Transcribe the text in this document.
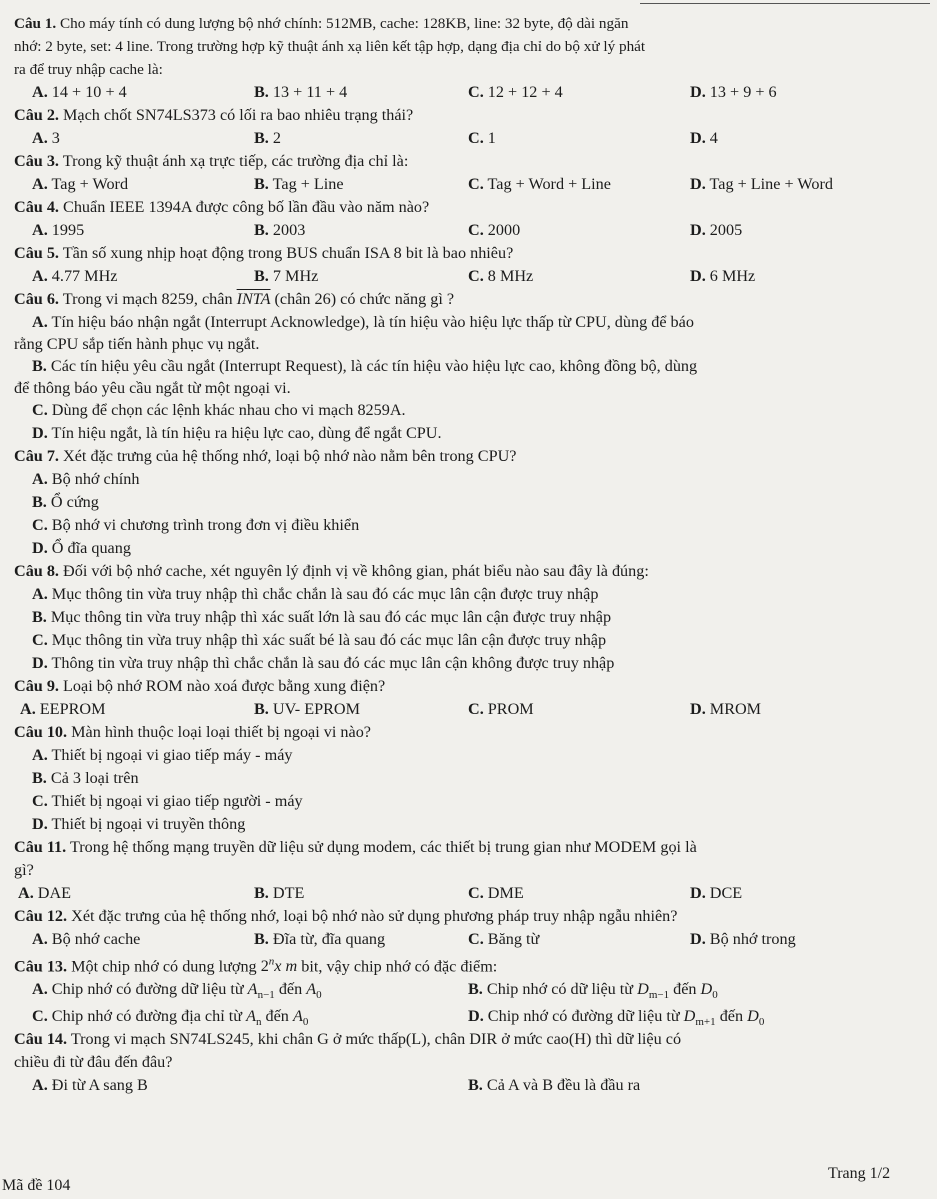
Câu 1. Cho máy tính có dung lượng bộ nhớ chính: 512MB, cache: 128KB, line: 32 byte, độ dài ngăn

nhớ: 2 byte, set: 4 line. Trong trường hợp kỹ thuật ánh xạ liên kết tập hợp, dạng địa chỉ do bộ xử lý phát

ra để truy nhập cache là:

A. 14 + 10 + 4	B. 13 + 11 + 4	C. 12 + 12 + 4	D. 13 + 9 + 6

Câu 2. Mạch chốt SN74LS373 có lối ra bao nhiêu trạng thái?

A. 3	B. 2	C. 1	D. 4

Câu 3. Trong kỹ thuật ánh xạ trực tiếp, các trường địa chỉ là:

A. Tag + Word	B. Tag + Line	C. Tag + Word + Line	D. Tag + Line + Word

Câu 4. Chuẩn IEEE 1394A được công bố lần đầu vào năm nào?

A. 1995	B. 2003	C. 2000	D. 2005

Câu 5. Tần số xung nhịp hoạt động trong BUS chuẩn ISA 8 bit là bao nhiêu?

A. 4.77 MHz	B. 7 MHz	C. 8 MHz	D. 6 MHz

Câu 6. Trong vi mạch 8259, chân INTA (chân 26) có chức năng gì ?

A. Tín hiệu báo nhận ngắt (Interrupt Acknowledge), là tín hiệu vào hiệu lực thấp từ CPU, dùng để báo
rằng CPU sắp tiến hành phục vụ ngắt.
B. Các tín hiệu yêu cầu ngắt (Interrupt Request), là các tín hiệu vào hiệu lực cao, không đồng bộ, dùng
để thông báo yêu cầu ngắt từ một ngoại vi.
C. Dùng để chọn các lệnh khác nhau cho vi mạch 8259A.
D. Tín hiệu ngắt, là tín hiệu ra hiệu lực cao, dùng để ngắt CPU.

Câu 7. Xét đặc trưng của hệ thống nhớ, loại bộ nhớ nào nằm bên trong CPU?

A. Bộ nhớ chính
B. Ổ cứng
C. Bộ nhớ vi chương trình trong đơn vị điều khiển
D. Ổ đĩa quang

Câu 8. Đối với bộ nhớ cache, xét nguyên lý định vị về không gian, phát biểu nào sau đây là đúng:

A. Mục thông tin vừa truy nhập thì chắc chắn là sau đó các mục lân cận được truy nhập
B. Mục thông tin vừa truy nhập thì xác suất lớn là sau đó các mục lân cận được truy nhập
C. Mục thông tin vừa truy nhập thì xác suất bé là sau đó các mục lân cận được truy nhập
D. Thông tin vừa truy nhập thì chắc chắn là sau đó các mục lân cận không được truy nhập

Câu 9. Loại bộ nhớ ROM nào xoá được bằng xung điện?

A. EEPROM	B. UV- EPROM	C. PROM	D. MROM

Câu 10. Màn hình thuộc loại loại thiết bị ngoại vi nào?

A. Thiết bị ngoại vi giao tiếp máy - máy
B. Cả 3 loại trên
C. Thiết bị ngoại vi giao tiếp người - máy
D. Thiết bị ngoại vi truyền thông

Câu 11. Trong hệ thống mạng truyền dữ liệu sử dụng modem, các thiết bị trung gian như MODEM gọi là

gì?

A. DAE	B. DTE	C. DME	D. DCE

Câu 12. Xét đặc trưng của hệ thống nhớ, loại bộ nhớ nào sử dụng phương pháp truy nhập ngẫu nhiên?

A. Bộ nhớ cache	B. Đĩa từ, đĩa quang	C. Băng từ	D. Bộ nhớ trong

Câu 13. Một chip nhớ có dung lượng 2$^n$x m bit, vậy chip nhớ có đặc điểm:

A. Chip nhớ có đường dữ liệu từ $A_{n-1}$ đến $A_0$	B. Chip nhớ có dữ liệu từ $D_{m-1}$ đến $D_0$
C. Chip nhớ có đường địa chỉ từ $A_n$ đến $A_0$	D. Chip nhớ có đường dữ liệu từ $D_{m+1}$ đến $D_0$

Câu 14. Trong vi mạch SN74LS245, khi chân G ở mức thấp(L), chân DIR ở mức cao(H) thì dữ liệu có

chiều đi từ đâu đến đâu?

A. Đi từ A sang B	B. Cả A và B đều là đầu ra
Mã đề 104
Trang 1/2
